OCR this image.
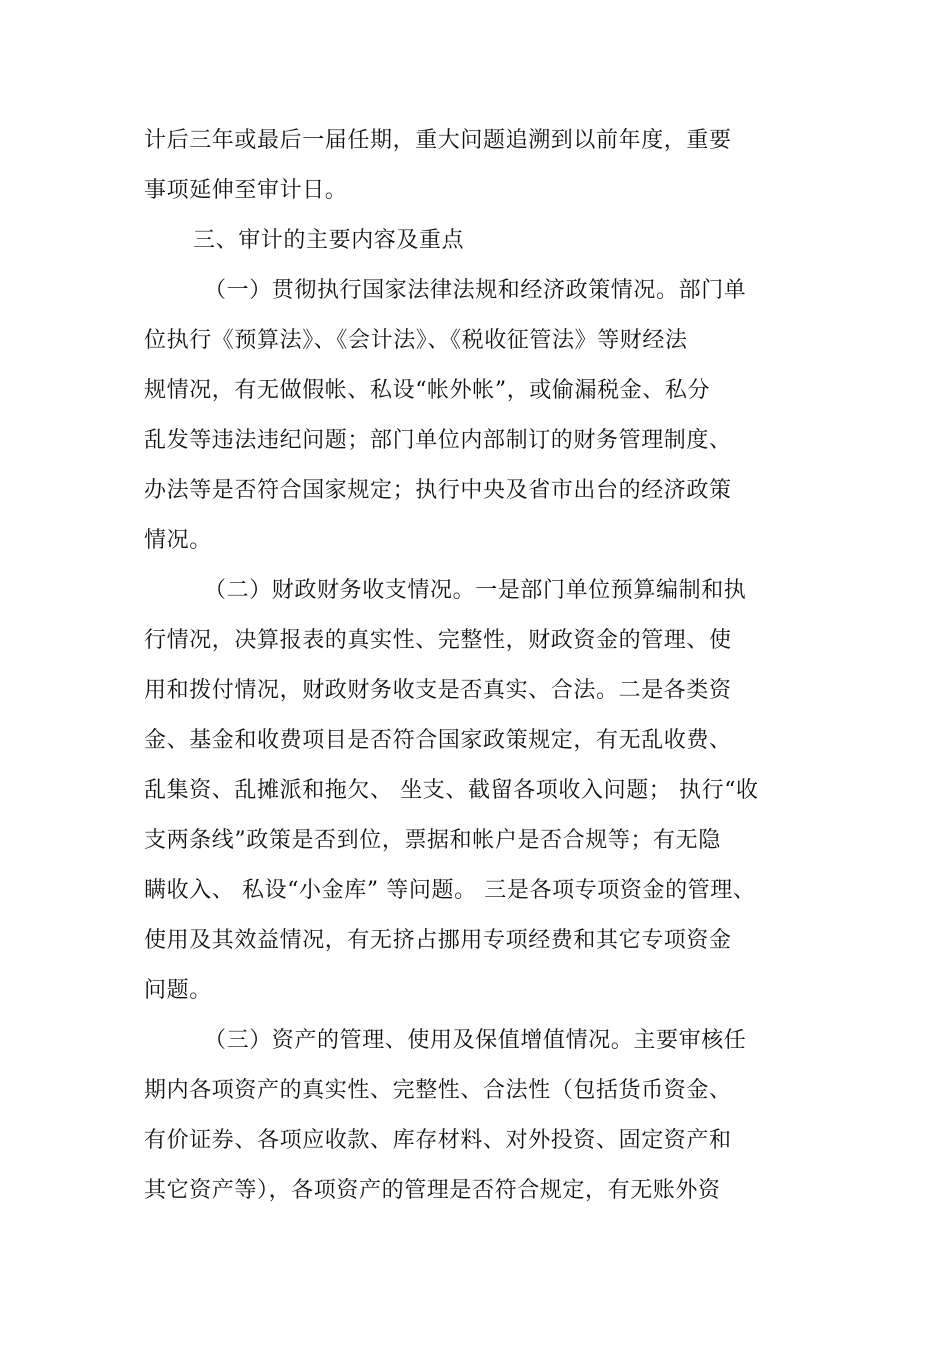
计后三年或最后一届任期，重大问题追溯到以前年度，重要
事项延伸至审计日。
三、审计的主要内容及重点
（一）贯彻执行国家法律法规和经济政策情况。部门单
位执行《预算法》、《会计法》、《税收征管法》等财经法
规情况，有无做假帐、私设“帐外帐”，或偷漏税金、私分
乱发等违法违纪问题；部门单位内部制订的财务管理制度、
办法等是否符合国家规定；执行中央及省市出台的经济政策
情况。
（二）财政财务收支情况。一是部门单位预算编制和执
行情况，决算报表的真实性、完整性，财政资金的管理、使
用和拨付情况，财政财务收支是否真实、合法。二是各类资
金、基金和收费项目是否符合国家政策规定，有无乱收费、
乱集资、乱摊派和拖欠、 坐支、截留各项收入问题； 执行“收
支两条线”政策是否到位，票据和帐户是否合规等；有无隐
瞒收入、 私设“小金库” 等问题。 三是各项专项资金的管理、
使用及其效益情况，有无挤占挪用专项经费和其它专项资金
问题。
（三）资产的管理、使用及保值增值情况。主要审核任
期内各项资产的真实性、完整性、合法性（包括货币资金、
有价证券、各项应收款、库存材料、对外投资、固定资产和
其它资产等），各项资产的管理是否符合规定，有无账外资
